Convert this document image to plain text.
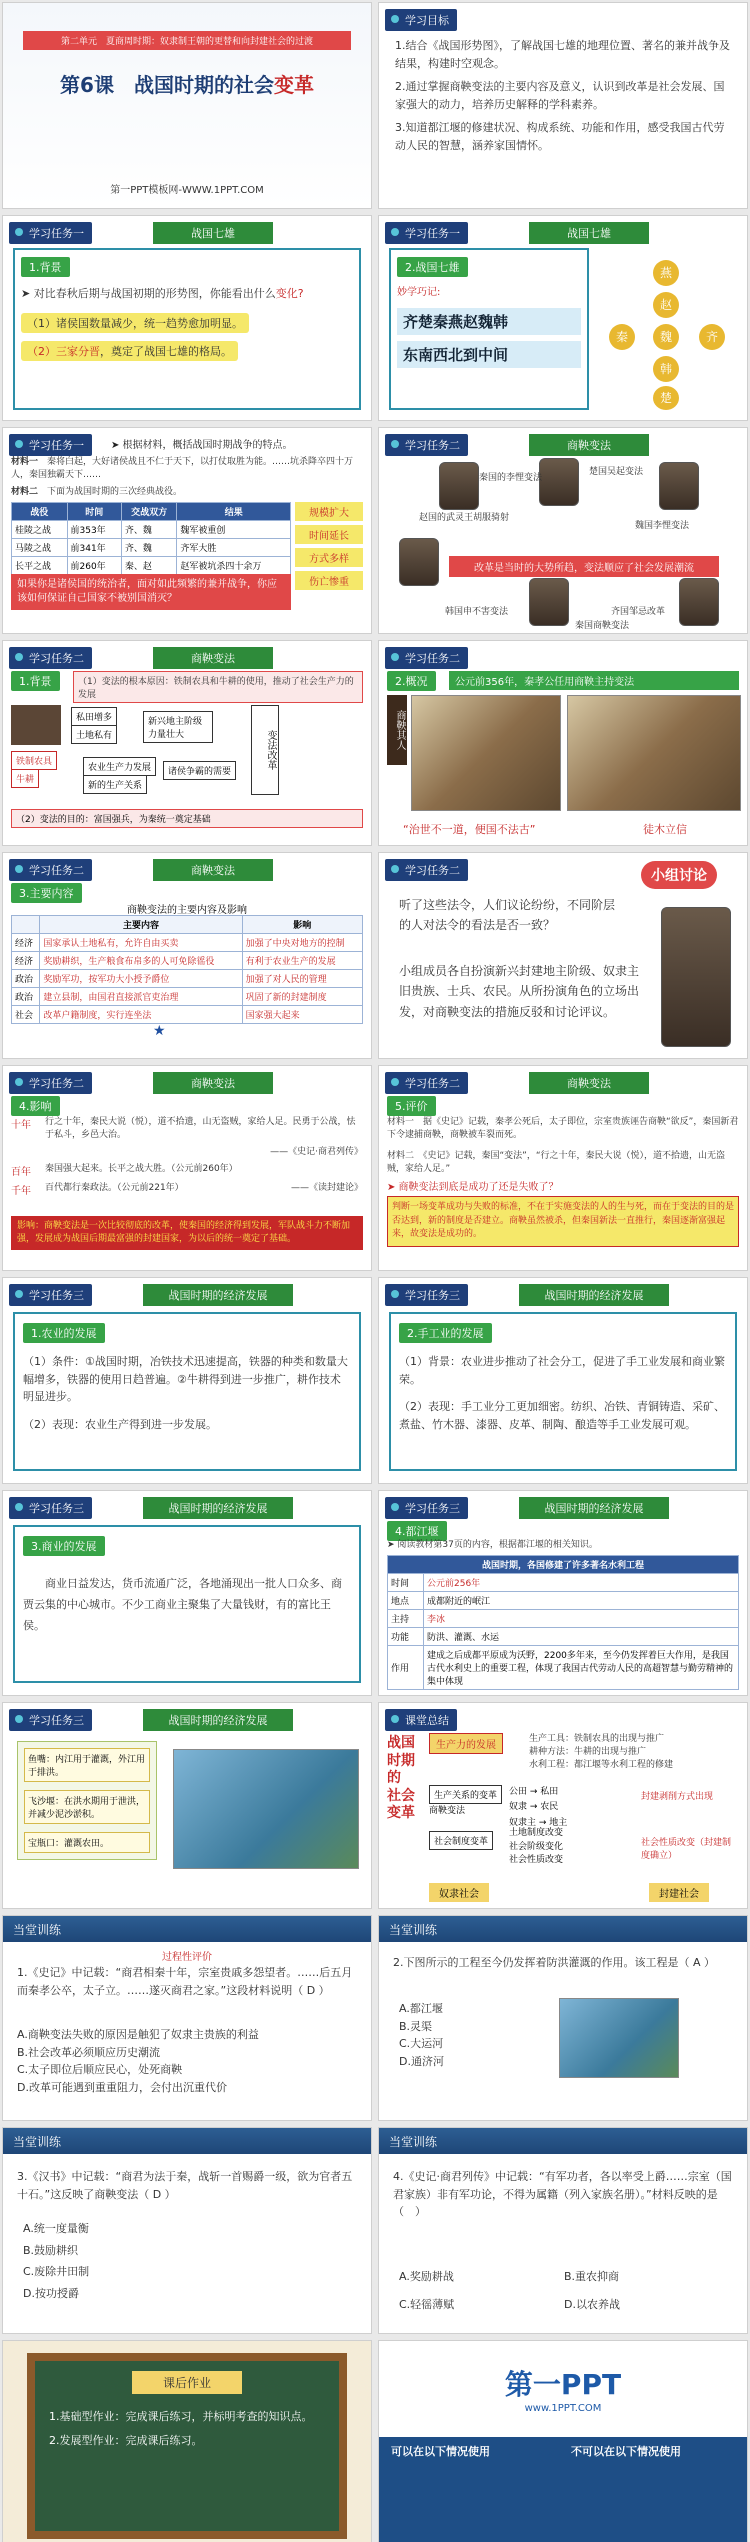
第二单元　夏商周时期：奴隶制王朝的更替和向封建社会的过渡
第6课　战国时期的社会变革
第一PPT模板网-WWW.1PPT.COM
学习目标

1.结合《战国形势图》，了解战国七雄的地理位置、著名的兼并战争及结果，构建时空观念。

2.通过掌握商鞅变法的主要内容及意义，认识到改革是社会发展、国家强大的动力，培养历史解释的学科素养。

3.知道都江堰的修建状况、构成系统、功能和作用，感受我国古代劳动人民的智慧，涵养家国情怀。

学习任务一	战国七雄
1.背景

➤ 对比春秋后期与战国初期的形势图，你能看出什么变化?

（1）诸侯国数量减少，统一趋势愈加明显。
（2）三家分晋，奠定了战国七雄的格局。
学习任务一	战国七雄
2.战国七雄

妙学巧记:

齐楚秦燕赵魏韩
东南西北到中间
燕
赵
魏
韩
楚
秦	齐
学习任务一	➤ 根据材料，概括战国时期战争的特点。

材料一　 秦将白起，大好诸侯战且不仁于天下，以打仗取胜为能。……坑杀降卒四十万人，秦国独霸天下……

材料二　 下面为战国时期的三次经典战役。

战役	时间	交战双方	结果
桂陵之战	前353年	齐、魏	魏军被重创
马陵之战	前341年	齐、魏	齐军大胜
长平之战	前260年	秦、赵	赵军被坑杀四十余万
规模扩大
时间延长
方式多样
伤亡惨重
如果你是诸侯国的统治者，面对如此频繁的兼并战争，你应该如何保证自己国家不被别国消灭？
学习任务二	商鞅变法
秦国的李悝变法
楚国吴起变法
赵国的武灵王胡服骑射
魏国李悝变法
韩国申不害变法	齐国邹忌改革
秦国商鞅变法
改革是当时的大势所趋，变法顺应了社会发展潮流
学习任务二	商鞅变法
1.背景	（1）变法的根本原因：铁制农具和牛耕的使用，推动了社会生产力的发展
私田增多
土地私有
新兴地主阶级力量壮大
铁制农具
牛耕
农业生产力发展
新的生产关系
诸侯争霸的需要
变法改革
（2）变法的目的：富国强兵，为秦统一奠定基础
学习任务二
2.概况	公元前356年，秦孝公任用商鞅主持变法
商鞅其人

“治世不一道，便国不法古”	徒木立信

学习任务二	商鞅变法
3.主要内容

商鞅变法的主要内容及影响

	主要内容	影响
经济	国家承认土地私有，允许自由买卖	加强了中央对地方的控制
经济	奖励耕织，生产粮食布帛多的人可免除徭役	有利于农业生产的发展
政治	奖励军功，按军功大小授予爵位	加强了对人民的管理
政治	建立县制，由国君直接派官吏治理	巩固了新的封建制度
社会	改革户籍制度，实行连坐法	国家强大起来
★
学习任务二	小组讨论

听了这些法令，人们议论纷纷，不同阶层的人对法令的看法是否一致？

小组成员各自扮演新兴封建地主阶级、奴隶主旧贵族、士兵、农民。从所扮演角色的立场出发，对商鞅变法的措施反驳和讨论评议。

学习任务二	商鞅变法
4.影响
十年	行之十年，秦民大说（悦），道不拾遗，山无盗贼，家给人足。民勇于公战，怯于私斗，乡邑大治。

——《史记·商君列传》

百年	秦国强大起来。长平之战大胜。（公元前260年）
千年	百代都行秦政法。（公元前221年）	——《读封建论》
影响：商鞅变法是一次比较彻底的改革，使秦国的经济得到发展，军队战斗力不断加强，发展成为战国后期最富强的封建国家，为以后的统一奠定了基础。
学习任务二	商鞅变法
5.评价

材料一　据《史记》记载，秦孝公死后，太子即位，宗室贵族诬告商鞅“欲反”，秦国新君下令逮捕商鞅，商鞅被车裂而死。

材料二　《史记》记载，秦国“变法”，“行之十年，秦民大说（悦），道不拾遗，山无盗贼，家给人足。”

➤ 商鞅变法到底是成功了还是失败了？

判断一场变革成功与失败的标准，不在于实施变法的人的生与死，而在于变法的目的是否达到，新的制度是否建立。商鞅虽然被杀，但秦国新法一直推行，秦国逐渐富强起来，故变法是成功的。
学习任务三	战国时期的经济发展
1.农业的发展

（1）条件：①战国时期，冶铁技术迅速提高，铁器的种类和数量大幅增多，铁器的使用日趋普遍。②牛耕得到进一步推广，耕作技术明显进步。

（2）表现：农业生产得到进一步发展。

学习任务三	战国时期的经济发展
2.手工业的发展

（1）背景：农业进步推动了社会分工，促进了手工业发展和商业繁荣。

（2）表现：手工业分工更加细密。纺织、冶铁、青铜铸造、采矿、煮盐、竹木器、漆器、皮革、制陶、酿造等手工业发展可观。

学习任务三	战国时期的经济发展
3.商业的发展

商业日益发达，货币流通广泛，各地涌现出一批人口众多、商贾云集的中心城市。不少工商业主聚集了大量钱财，有的富比王侯。

学习任务三	战国时期的经济发展
4.都江堰

➤ 阅读教材第37页的内容，根据都江堰的相关知识。

战国时期，各国修建了许多著名水利工程	
时间	公元前256年
地点	成都附近的岷江
主持	李冰
功能	防洪、灌溉、水运
作用	建成之后成都平原成为沃野，2200多年来，至今仍发挥着巨大作用，是我国古代水利史上的重要工程，体现了我国古代劳动人民的高超智慧与勤劳精神的集中体现
学习任务三	战国时期的经济发展
鱼嘴：内江用于灌溉，外江用于排洪。
飞沙堰：在洪水期用于泄洪，并减少泥沙淤积。
宝瓶口：灌溉农田。
课堂总结
战国
时期
的
社会
变革
生产力的发展

生产工具：铁制农具的出现与推广

耕种方法：牛耕的出现与推广

水利工程：都江堰等水利工程的修建

生产关系的变革
商鞅变法
社会制度变革
公田 → 私田
奴隶 → 农民
奴隶主 → 地主
土地制度改变
社会阶级变化
社会性质改变
封建剥削方式出现
社会性质改变（封建制度确立）
奴隶社会	封建社会
当堂训练

过程性评价

1.《史记》中记载：“商君相秦十年，宗室贵戚多怨望者。……后五月而秦孝公卒，太子立。……遂灭商君之家。”这段材料说明（ D ）

A.商鞅变法失败的原因是触犯了奴隶主贵族的利益

B.社会改革必须顺应历史潮流

C.太子即位后顺应民心，处死商鞅

D.改革可能遇到重重阻力，会付出沉重代价

当堂训练

2.下图所示的工程至今仍发挥着防洪灌溉的作用。该工程是（ A ）

A.都江堰

B.灵渠

C.大运河

D.通济河

当堂训练

3.《汉书》中记载：“商君为法于秦，战斩一首赐爵一级，欲为官者五十石。”这反映了商鞅变法（ D ）

A.统一度量衡

B.鼓励耕织

C.废除井田制

D.按功授爵

当堂训练

4.《史记·商君列传》中记载：“有军功者，各以率受上爵……宗室（国君家族）非有军功论，不得为属籍（列入家族名册）。”材料反映的是（　）

A.奖励耕战	B.重农抑商

C.轻徭薄赋	D.以农养战

课后作业

1.基础型作业：完成课后练习，并标明考查的知识点。

2.发展型作业：完成课后练习。

第一PPT
www.1PPT.COM
可以在以下情况使用	不可以在以下情况使用
